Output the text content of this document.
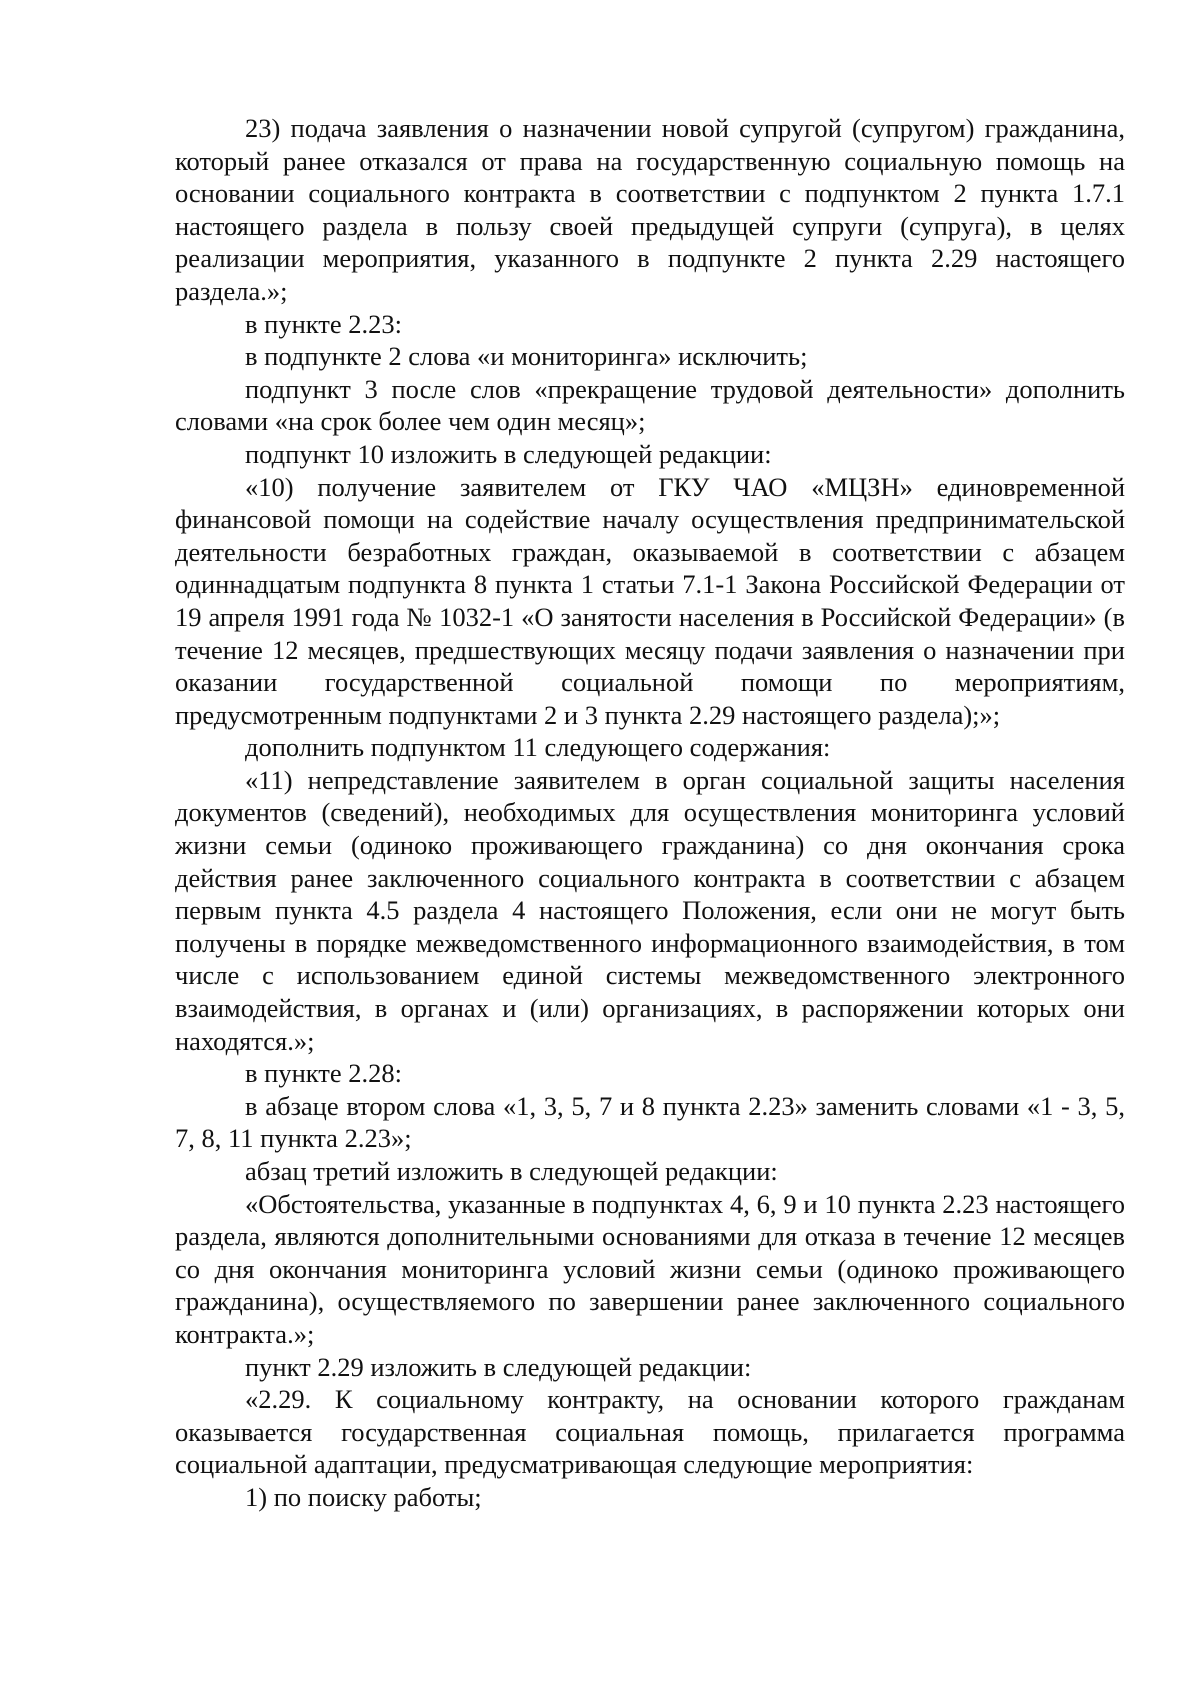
23) подача заявления о назначении новой супругой (супругом) гражданина, который ранее отказался от права на государственную социальную помощь на основании социального контракта в соответствии с подпунктом 2 пункта 1.7.1 настоящего раздела в пользу своей предыдущей супруги (супруга), в целях реализации мероприятия, указанного в подпункте 2 пункта 2.29 настоящего раздела.»;

в пункте 2.23:

в подпункте 2 слова «и мониторинга» исключить;

подпункт 3 после слов «прекращение трудовой деятельности» дополнить словами «на срок более чем один месяц»;

подпункт 10 изложить в следующей редакции:

«10) получение заявителем от ГКУ ЧАО «МЦЗН» единовременной финансовой помощи на содействие началу осуществления предпринимательской деятельности безработных граждан, оказываемой в соответствии с абзацем одиннадцатым подпункта 8 пункта 1 статьи 7.1-1 Закона Российской Федерации от 19 апреля 1991 года № 1032-1 «О занятости населения в Российской Федерации» (в течение 12 месяцев, предшествующих месяцу подачи заявления о назначении при оказании государственной социальной помощи по мероприятиям, предусмотренным подпунктами 2 и 3 пункта 2.29 настоящего раздела);»;

дополнить подпунктом 11 следующего содержания:

«11) непредставление заявителем в орган социальной защиты населения документов (сведений), необходимых для осуществления мониторинга условий жизни семьи (одиноко проживающего гражданина) со дня окончания срока действия ранее заключенного социального контракта в соответствии с абзацем первым пункта 4.5 раздела 4 настоящего Положения, если они не могут быть получены в порядке межведомственного информационного взаимодействия, в том числе с использованием единой системы межведомственного электронного взаимодействия, в органах и (или) организациях, в распоряжении которых они находятся.»;

в пункте 2.28:

в абзаце втором слова «1, 3, 5, 7 и 8 пункта 2.23» заменить словами «1 - 3, 5, 7, 8, 11 пункта 2.23»;

абзац третий изложить в следующей редакции:

«Обстоятельства, указанные в подпунктах 4, 6, 9 и 10 пункта 2.23 настоящего раздела, являются дополнительными основаниями для отказа в течение 12 месяцев со дня окончания мониторинга условий жизни семьи (одиноко проживающего гражданина), осуществляемого по завершении ранее заключенного социального контракта.»;

пункт 2.29 изложить в следующей редакции:

«2.29. К социальному контракту, на основании которого гражданам оказывается государственная социальная помощь, прилагается программа социальной адаптации, предусматривающая следующие мероприятия:

1) по поиску работы;
